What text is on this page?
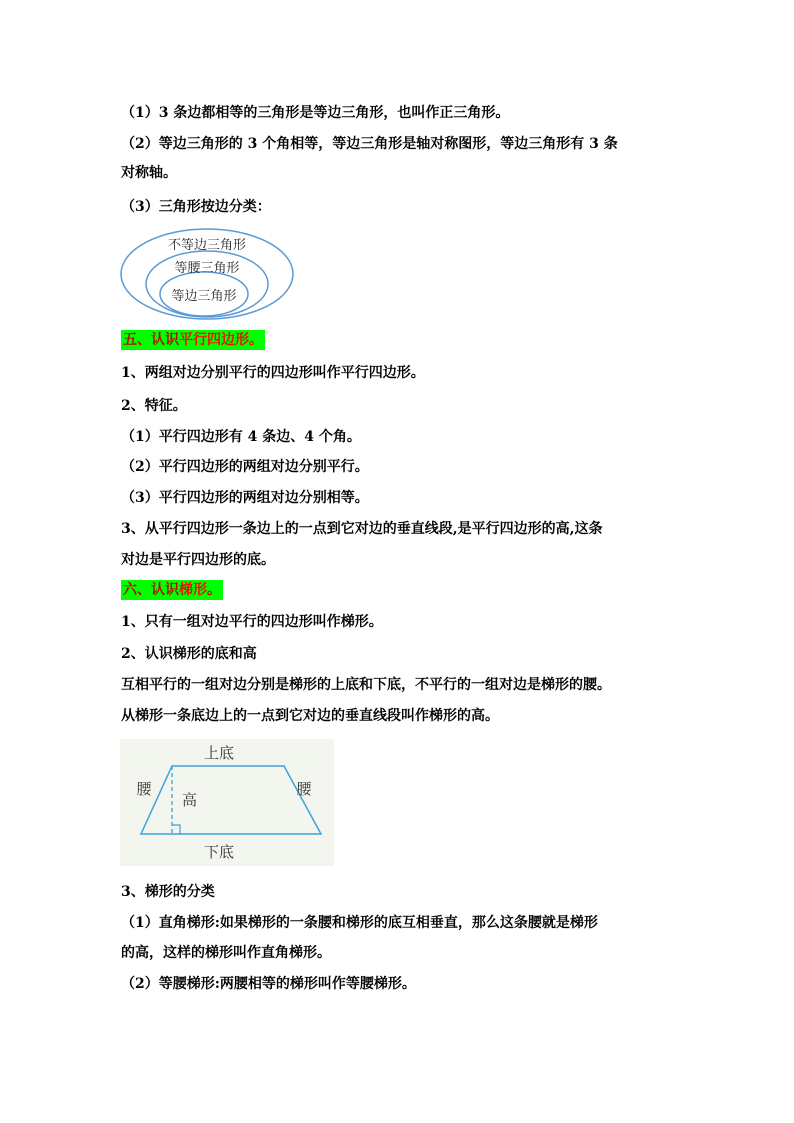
（1）3 条边都相等的三角形是等边三角形，也叫作正三角形。
（2）等边三角形的 3 个角相等，等边三角形是轴对称图形，等边三角形有 3 条
对称轴。
（3）三角形按边分类：
不等边三角形
等腰三角形
等边三角形
五、认识平行四边形。
1、两组对边分别平行的四边形叫作平行四边形。
2、特征。
（1）平行四边形有 4 条边、4 个角。
（2）平行四边形的两组对边分别平行。
（3）平行四边形的两组对边分别相等。
3、从平行四边形一条边上的一点到它对边的垂直线段,是平行四边形的高,这条
对边是平行四边形的底。
六、认识梯形。
1、只有一组对边平行的四边形叫作梯形。
2、认识梯形的底和高
互相平行的一组对边分别是梯形的上底和下底，不平行的一组对边是梯形的腰。
从梯形一条底边上的一点到它对边的垂直线段叫作梯形的高。
上底
下底
腰	腰
高
3、梯形的分类
（1）直角梯形:如果梯形的一条腰和梯形的底互相垂直，那么这条腰就是梯形
的高，这样的梯形叫作直角梯形。
（2）等腰梯形:两腰相等的梯形叫作等腰梯形。
